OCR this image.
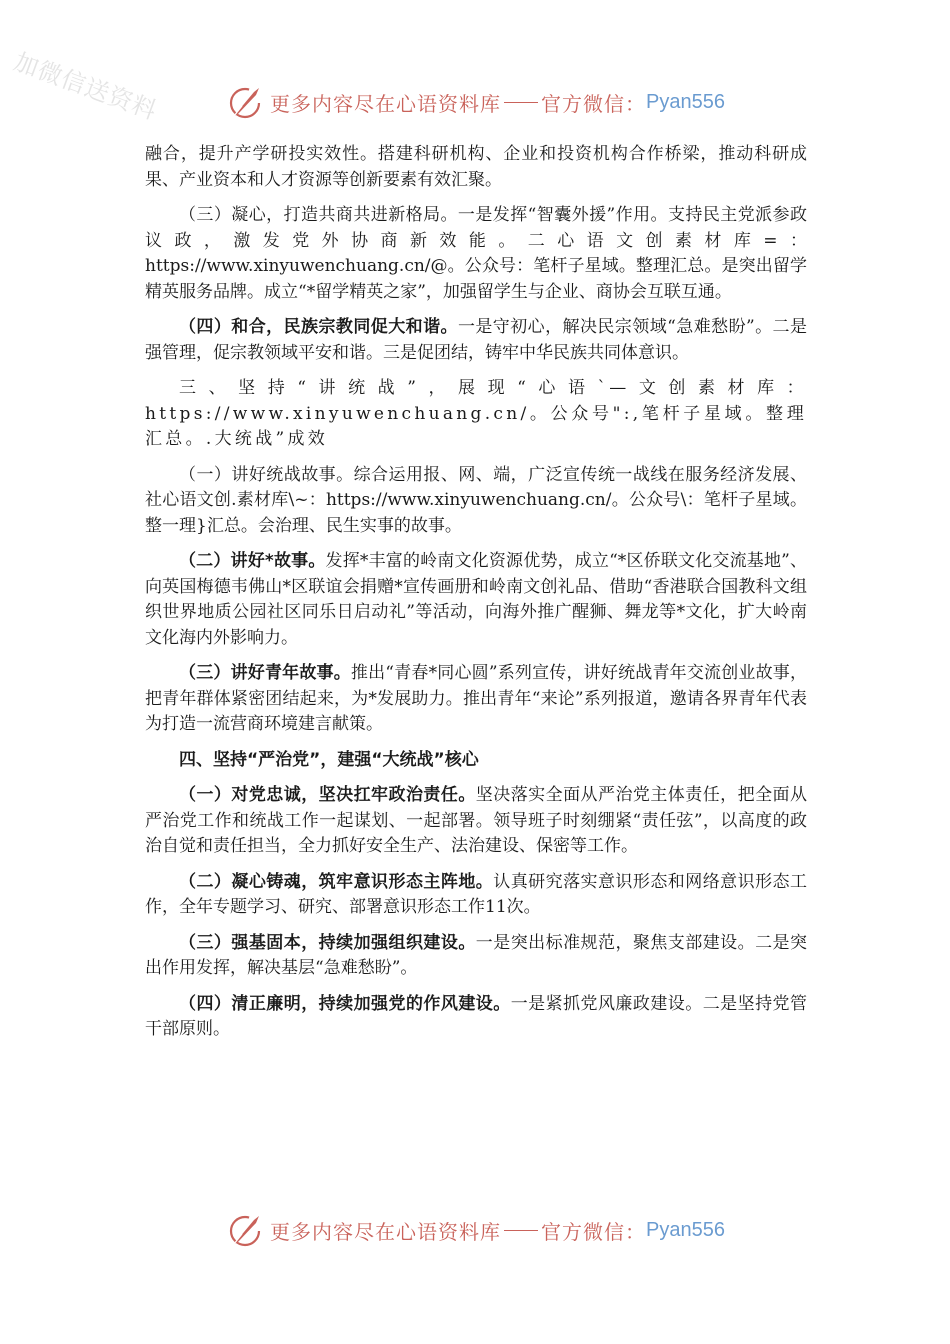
加微信送资料	更多内容尽在心语资料库 官方微信： Pyan556

融合，提升产学研投实效性。搭建科研机构、企业和投资机构合作桥梁，推动科研成果、产业资本和人才资源等创新要素有效汇聚。

（三）凝心，打造共商共进新格局。一是发挥“智囊外援”作用。支持民主党派参政议政，激发党外协商新效能。二心语文创素材库=：https://www.xinyuwenchuang.cn/@。公众号：笔杆子星域。整理汇总。是突出留学精英服务品牌。成立“*留学精英之家”，加强留学生与企业、商协会互联互通。

（四）和合，民族宗教同促大和谐。一是守初心，解决民宗领域“急难愁盼”。二是强管理，促宗教领域平安和谐。三是促团结，铸牢中华民族共同体意识。

三、坚持“讲统战”，展现“心语`—文创素材库：https://www.xinyuwenchuang.cn/。公众号":,笔杆子星域。整理汇总。.大统战”成效

（一）讲好统战故事。综合运用报、网、端，广泛宣传统一战线在服务经济发展、社心语文创.素材库\~：https://www.xinyuwenchuang.cn/。公众号\：笔杆子星域。整一理}汇总。会治理、民生实事的故事。

（二）讲好*故事。发挥*丰富的岭南文化资源优势，成立“*区侨联文化交流基地”、向英国梅德韦佛山*区联谊会捐赠*宣传画册和岭南文创礼品、借助“香港联合国教科文组织世界地质公园社区同乐日启动礼”等活动，向海外推广醒狮、舞龙等*文化，扩大岭南文化海内外影响力。

（三）讲好青年故事。推出“青春*同心圆”系列宣传，讲好统战青年交流创业故事，把青年群体紧密团结起来，为*发展助力。推出青年“来论”系列报道，邀请各界青年代表为打造一流营商环境建言献策。

四、坚持“严治党”，建强“大统战”核心

（一）对党忠诚，坚决扛牢政治责任。坚决落实全面从严治党主体责任，把全面从严治党工作和统战工作一起谋划、一起部署。领导班子时刻绷紧“责任弦”，以高度的政治自觉和责任担当，全力抓好安全生产、法治建设、保密等工作。

（二）凝心铸魂，筑牢意识形态主阵地。认真研究落实意识形态和网络意识形态工作，全年专题学习、研究、部署意识形态工作11次。

（三）强基固本，持续加强组织建设。一是突出标准规范，聚焦支部建设。二是突出作用发挥，解决基层“急难愁盼”。

（四）清正廉明，持续加强党的作风建设。一是紧抓党风廉政建设。二是坚持党管干部原则。

更多内容尽在心语资料库 官方微信： Pyan556
